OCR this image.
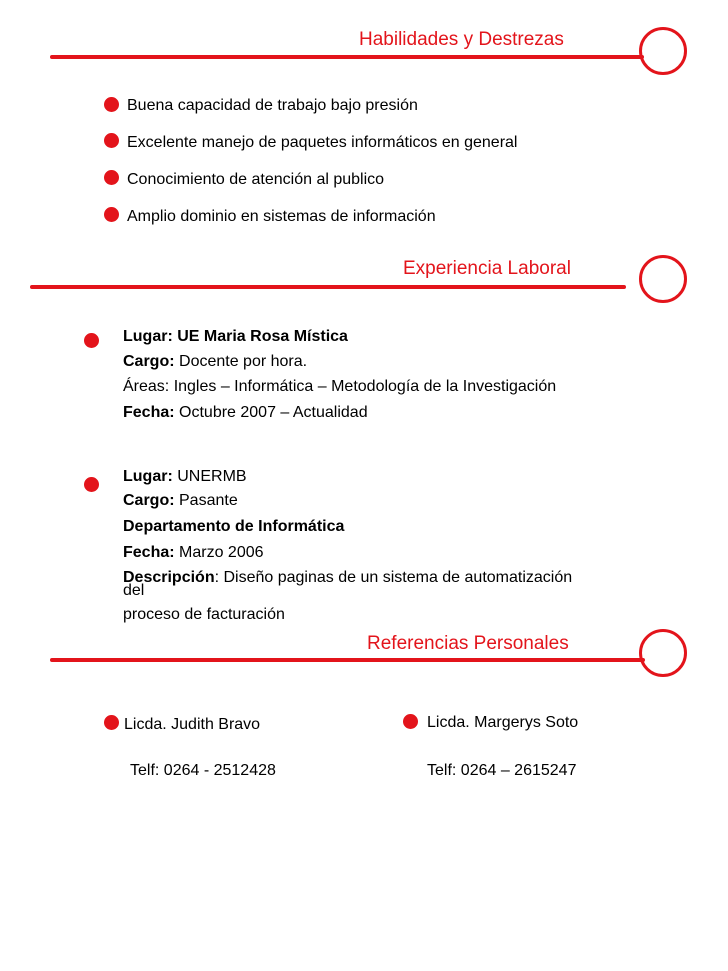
Habilidades y Destrezas
Buena capacidad de trabajo bajo presión
Excelente manejo de paquetes informáticos en general
Conocimiento de atención al publico
Amplio dominio en sistemas de información
Experiencia Laboral
Lugar: UE Maria Rosa Mística
Cargo: Docente por hora.
Áreas: Ingles – Informática – Metodología de la Investigación
Fecha: Octubre 2007 – Actualidad
Lugar: UNERMB
Cargo: Pasante
Departamento de Informática
Fecha: Marzo 2006
Descripción: Diseño paginas de un sistema de automatización
del
proceso de facturación
Referencias Personales
Licda. Judith Bravo
Telf: 0264 - 2512428
Licda. Margerys Soto
Telf: 0264 – 2615247
